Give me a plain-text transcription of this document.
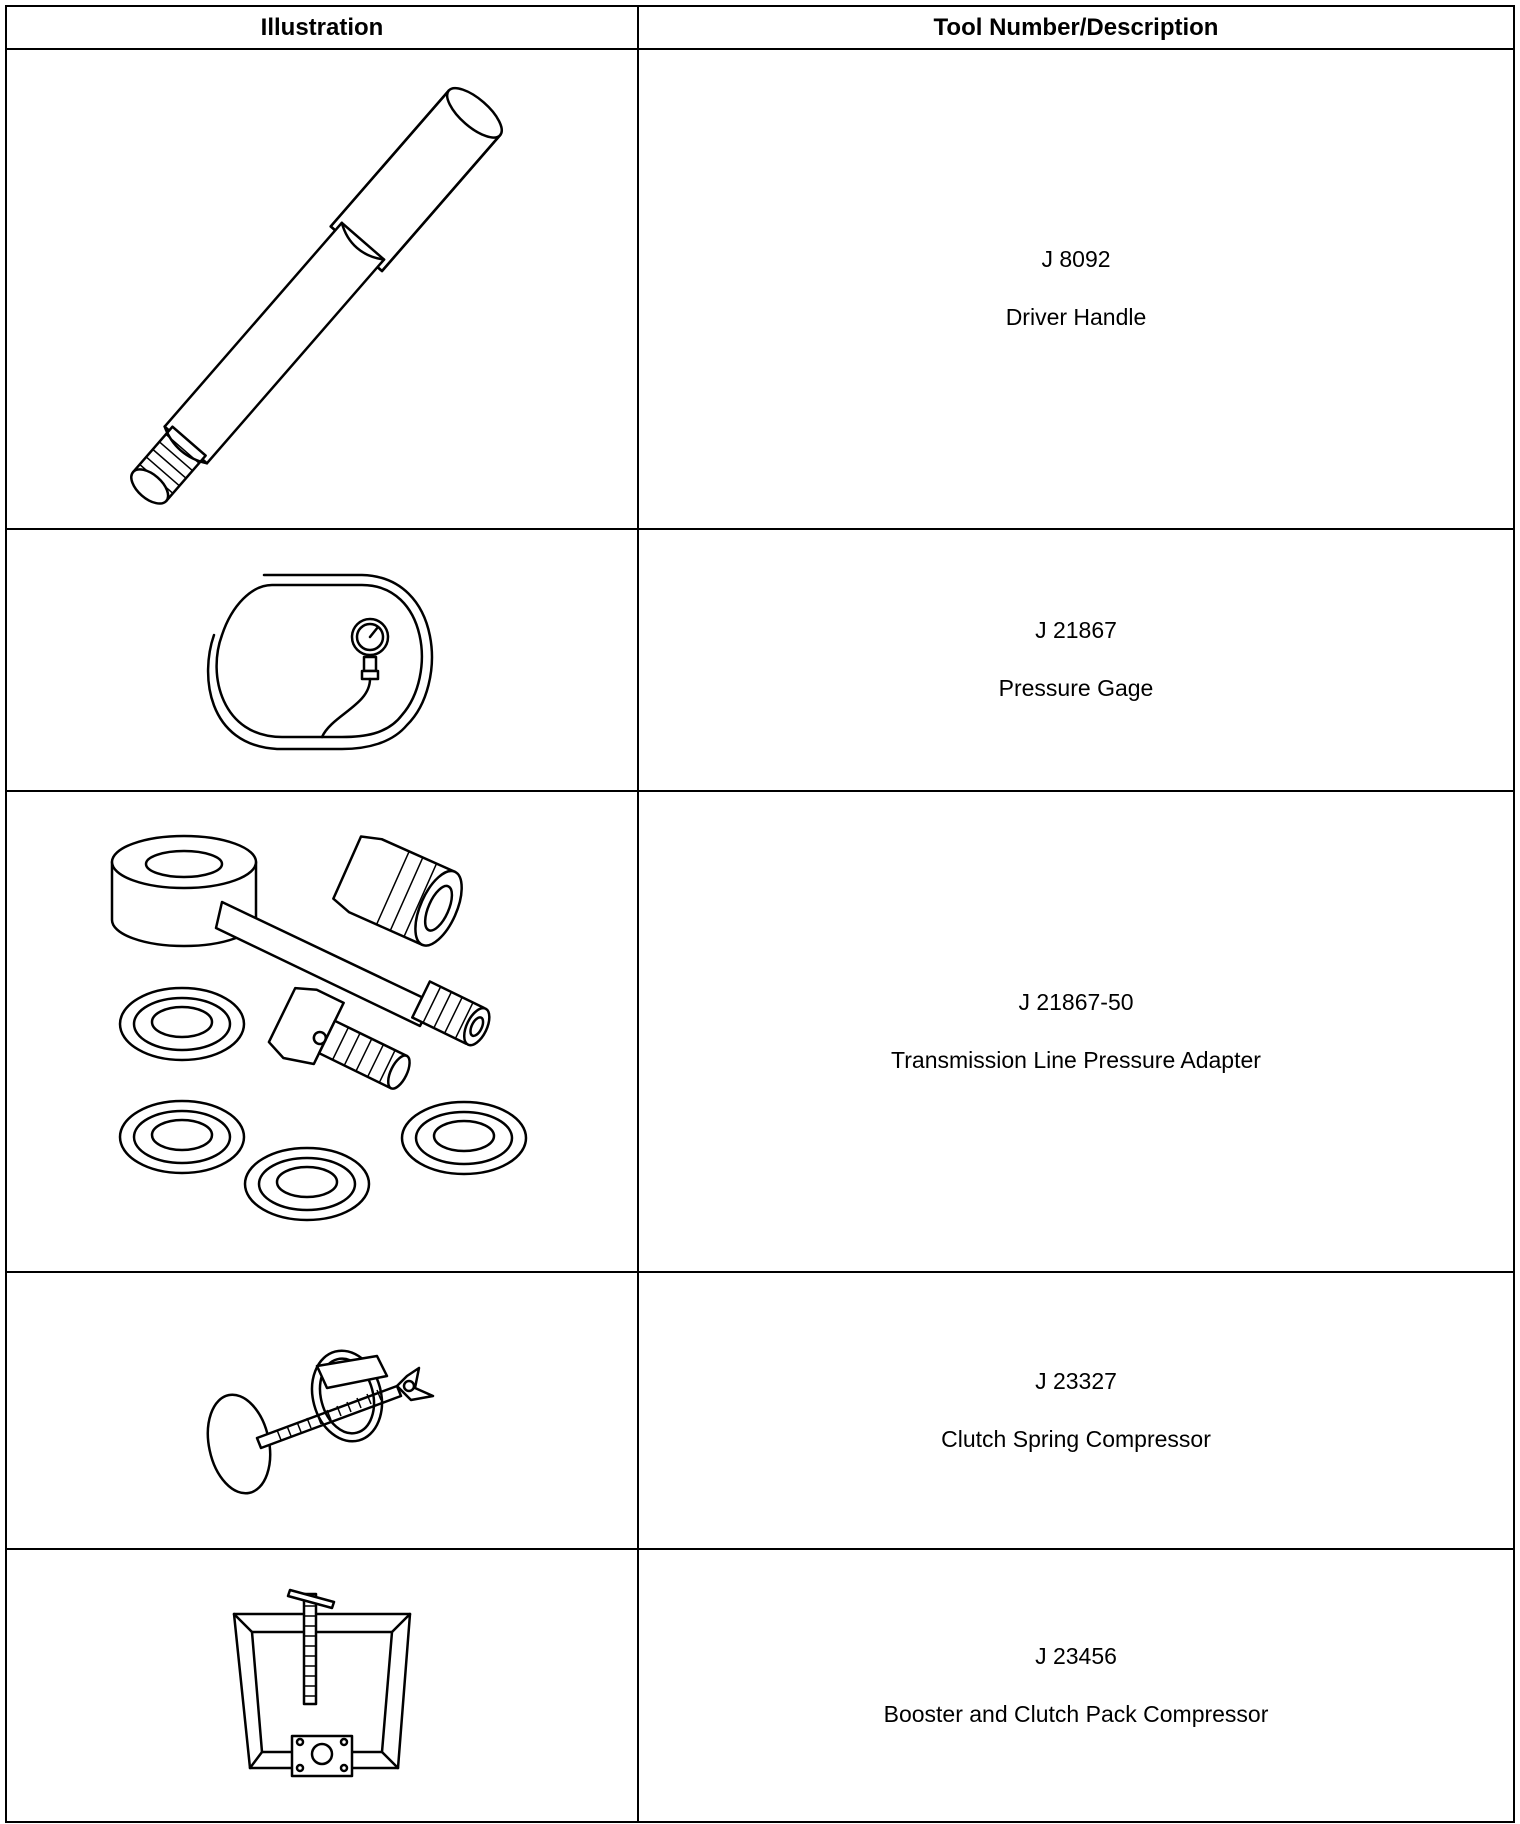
Illustration	Tool Number/Description

J 8092
Driver Handle

J 21867
Pressure Gage

J 21867-50
Transmission Line Pressure Adapter

J 23327
Clutch Spring Compressor

J 23456
Booster and Clutch Pack Compressor
